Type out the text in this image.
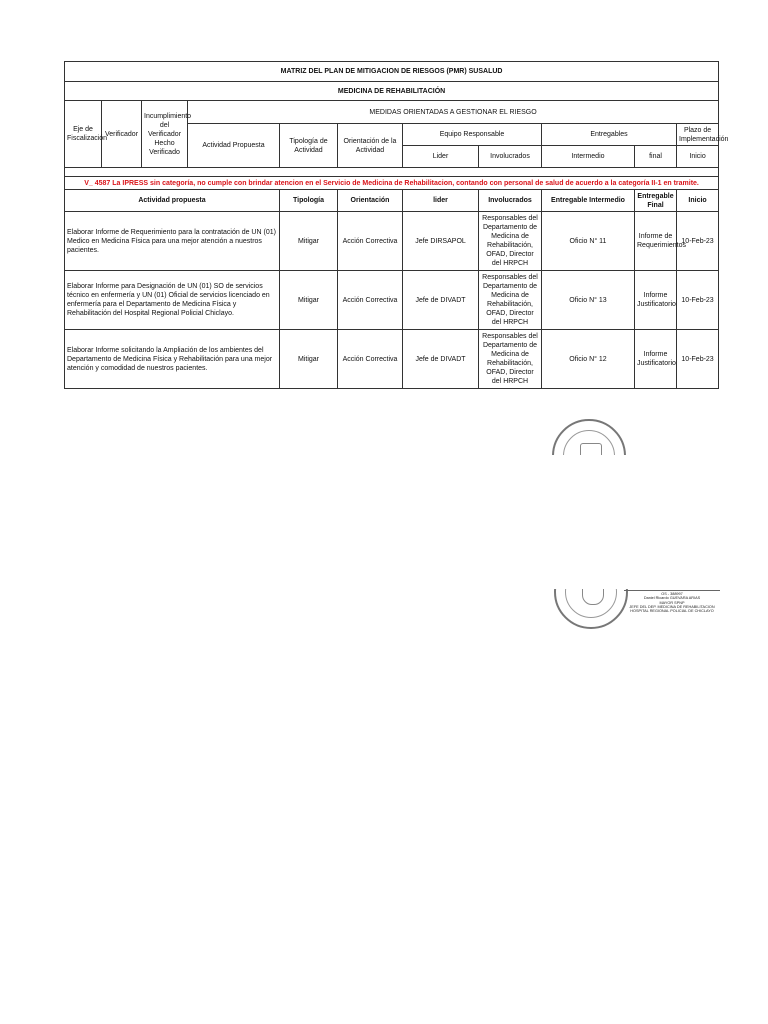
MATRIZ DEL PLAN DE MITIGACION DE RIESGOS (PMR) SUSALUD											
MEDICINA DE REHABILITACIÓN											
Eje de Fiscalización	Verificador	Incumplimiento del Verificador Hecho Verificado	MEDIDAS ORIENTADAS A GESTIONAR EL RIESGO								
			Actividad Propuesta	Tipología de Actividad	Orientación de la Actividad	Equipo Responsable		Entregables		Plazo de Implementación	
						Lider	Involucrados	Intermedio	final	Inicio	

V_ 4587 La IPRESS sin categoría, no cumple con brindar atencion en el Servicio de Medicina de Rehabilitacion, contando con personal de salud de acuerdo a la categoría II-1 en tramite.											
Actividad propuesta				Tipología	Orientación	lider	Involucrados	Entregable Intermedio	Entregable Final	Inicio	
Elaborar Informe de Requerimiento para la contratación de UN (01) Medico en Medicina Física para una mejor atención a nuestros pacientes.				Mitigar	Acción Correctiva	Jefe DIRSAPOL	Responsables del Departamento de Medicina de Rehabilitación, OFAD, Director del HRPCH	Oficio N° 11	Informe de Requerimientos	10-Feb-23	
Elaborar Informe para Designación de UN (01) SO de servicios técnico en enfermería y UN (01) Oficial de servicios licenciado en enfermería para el Departamento de Medicina Física y Rehabilitación del Hospital Regional Policial Chiclayo.				Mitigar	Acción Correctiva	Jefe de DIVADT	Responsables del Departamento de Medicina de Rehabilitación, OFAD, Director del HRPCH	Oficio N° 13	Informe Justificatorio	10-Feb-23	
Elaborar Informe solicitando la Ampliación de los ambientes del Departamento de Medicina Física y Rehabilitación para una mejor atención y comodidad de nuestros pacientes.				Mitigar	Acción Correctiva	Jefe de DIVADT	Responsables del Departamento de Medicina de Rehabilitación, OFAD, Director del HRPCH	Oficio N° 12	Informe Justificatorio	10-Feb-23	
OS - 388997
Daniel Ricardo GUEVARA ARIAS
MAYOR SPNP
JEFE DEL DEP. MEDICINA DE REHABILITACION
HOSPITAL REGIONAL POLICIAL DE CHICLAYO
